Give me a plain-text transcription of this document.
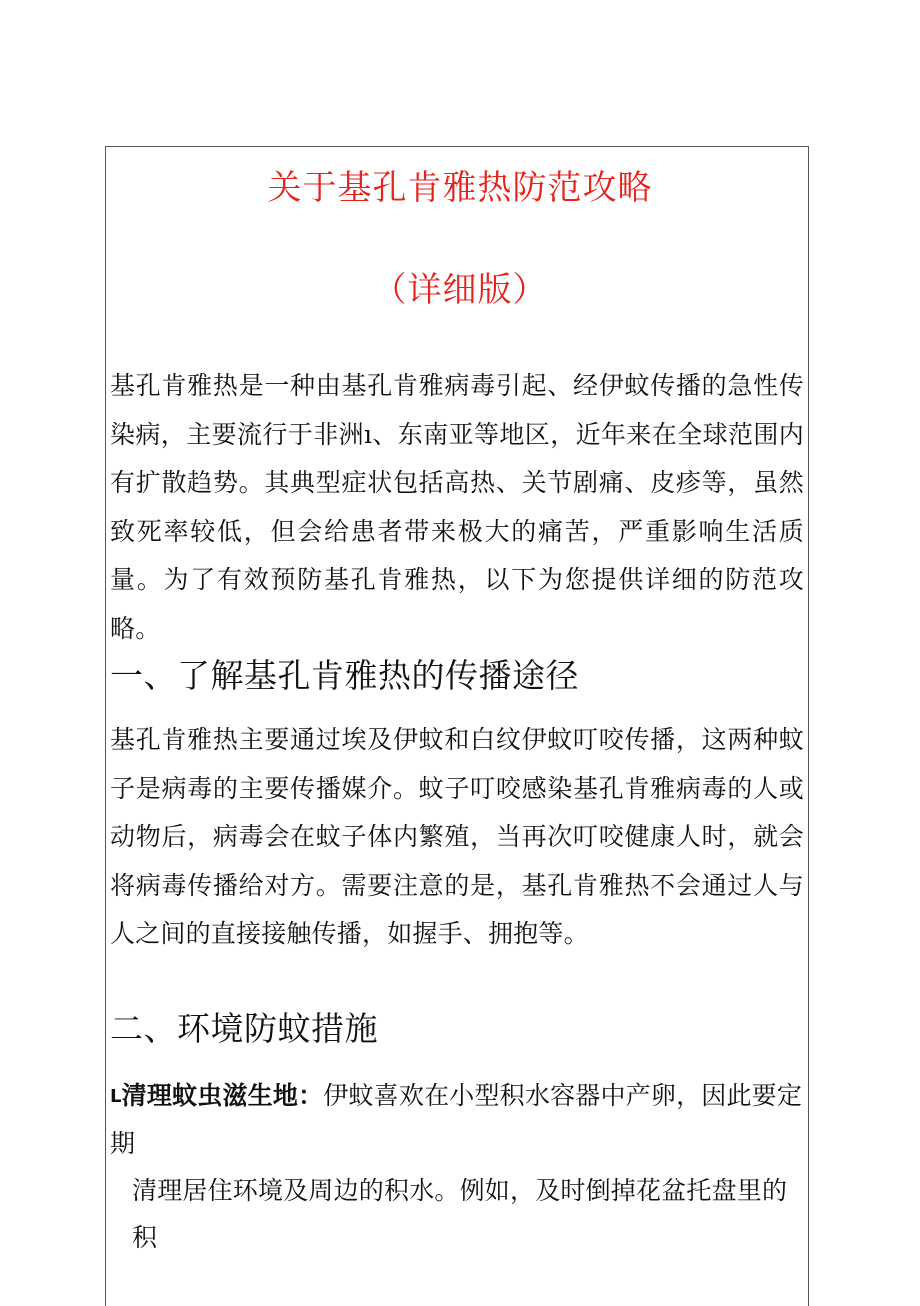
关于基孔肯雅热防范攻略
（详细版）

基孔肯雅热是一种由基孔肯雅病毒引起、经伊蚊传播的急性传染病，主要流行于非洲ı、东南亚等地区，近年来在全球范围内有扩散趋势。其典型症状包括高热、关节剧痛、皮疹等，虽然致死率较低，但会给患者带来极大的痛苦，严重影响生活质量。为了有效预防基孔肯雅热，以下为您提供详细的防范攻略。

一、了解基孔肯雅热的传播途径

基孔肯雅热主要通过埃及伊蚊和白纹伊蚊叮咬传播，这两种蚊子是病毒的主要传播媒介。蚊子叮咬感染基孔肯雅病毒的人或动物后，病毒会在蚊子体内繁殖，当再次叮咬健康人时，就会将病毒传播给对方。需要注意的是，基孔肯雅热不会通过人与人之间的直接接触传播，如握手、拥抱等。

二、环境防蚊措施
L清理蚊虫滋生地：伊蚊喜欢在小型积水容器中产卵，因此要定期
清理居住环境及周边的积水。例如，及时倒掉花盆托盘里的积
